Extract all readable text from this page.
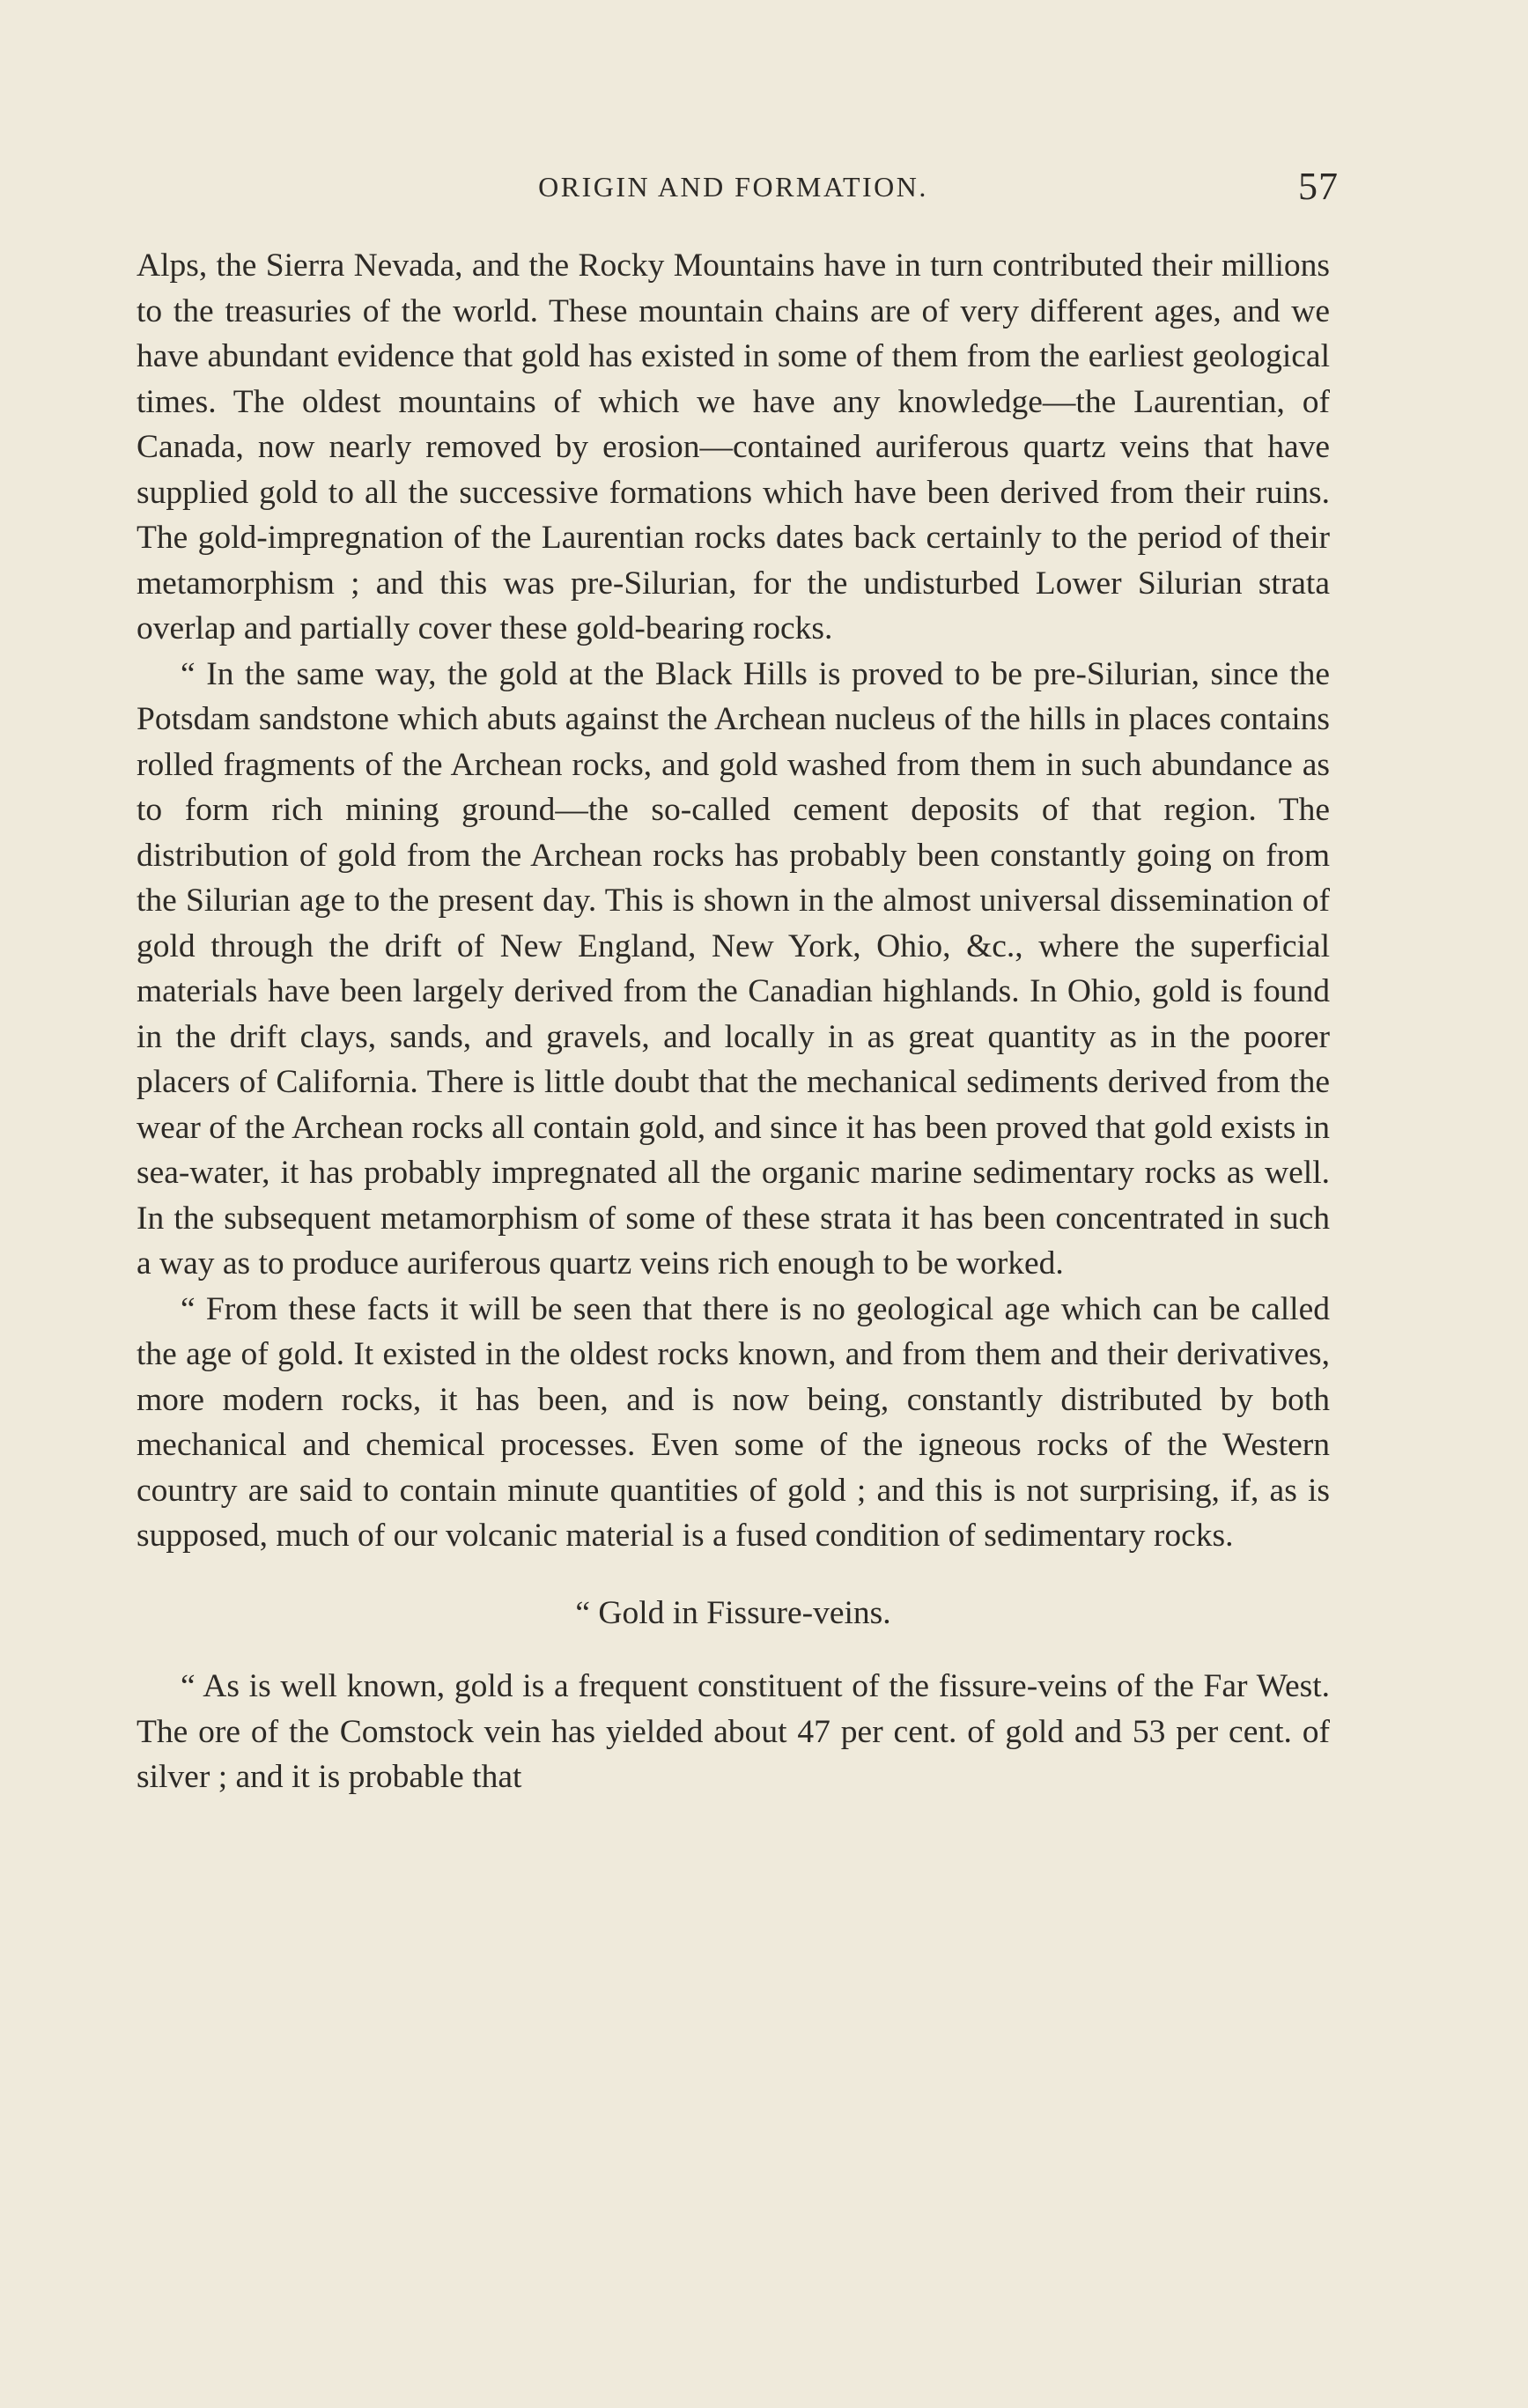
ORIGIN AND FORMATION.	57

Alps, the Sierra Nevada, and the Rocky Mountains have in turn contributed their millions to the treasuries of the world. These mountain chains are of very different ages, and we have abundant evidence that gold has existed in some of them from the earliest geological times. The oldest mountains of which we have any knowledge—the Laurentian, of Canada, now nearly removed by erosion—contained auriferous quartz veins that have supplied gold to all the successive formations which have been derived from their ruins. The gold-impregnation of the Laurentian rocks dates back certainly to the period of their metamorphism ; and this was pre-Silurian, for the undisturbed Lower Silurian strata overlap and partially cover these gold-bearing rocks.

“ In the same way, the gold at the Black Hills is proved to be pre-Silurian, since the Potsdam sandstone which abuts against the Archean nucleus of the hills in places contains rolled fragments of the Archean rocks, and gold washed from them in such abundance as to form rich mining ground—the so-called cement deposits of that region. The distribution of gold from the Archean rocks has probably been constantly going on from the Silurian age to the present day. This is shown in the almost universal dissemination of gold through the drift of New England, New York, Ohio, &c., where the superficial materials have been largely derived from the Canadian highlands. In Ohio, gold is found in the drift clays, sands, and gravels, and locally in as great quantity as in the poorer placers of California. There is little doubt that the mechanical sediments derived from the wear of the Archean rocks all contain gold, and since it has been proved that gold exists in sea-water, it has probably impregnated all the organic marine sedimentary rocks as well. In the subsequent metamorphism of some of these strata it has been concentrated in such a way as to produce auriferous quartz veins rich enough to be worked.

“ From these facts it will be seen that there is no geological age which can be called the age of gold. It existed in the oldest rocks known, and from them and their derivatives, more modern rocks, it has been, and is now being, constantly distributed by both mechanical and chemical processes. Even some of the igneous rocks of the Western country are said to contain minute quantities of gold ; and this is not surprising, if, as is supposed, much of our volcanic material is a fused condition of sedimentary rocks.

“ Gold in Fissure-veins.

“ As is well known, gold is a frequent constituent of the fissure-veins of the Far West. The ore of the Comstock vein has yielded about 47 per cent. of gold and 53 per cent. of silver ; and it is probable that
